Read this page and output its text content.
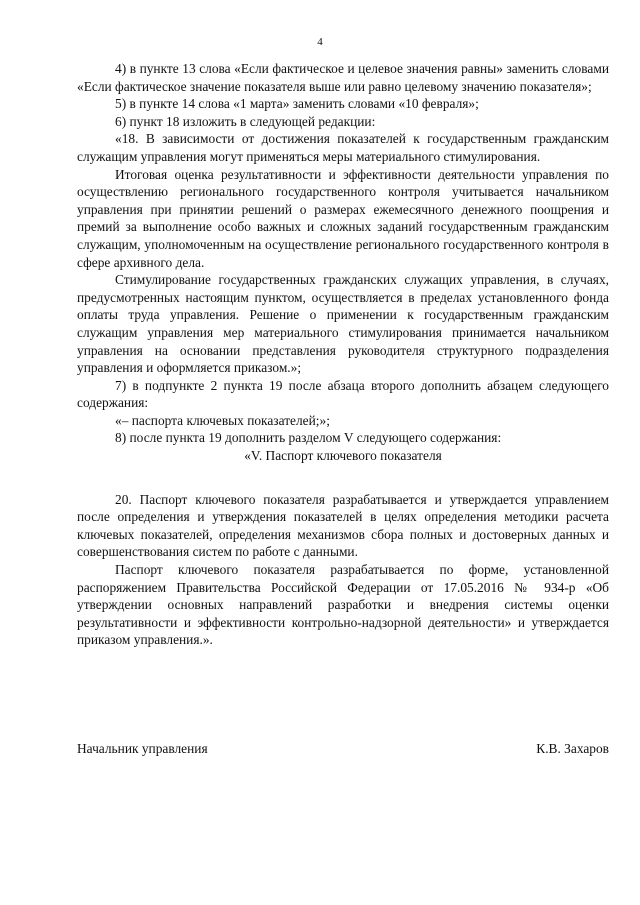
4

4) в пункте 13 слова «Если фактическое и целевое значения равны» заменить словами «Если фактическое значение показателя выше или равно целевому значению показателя»;

5) в пункте 14 слова «1 марта» заменить словами «10 февраля»;

6) пункт 18 изложить в следующей редакции:

«18. В зависимости от достижения показателей к государственным гражданским служащим управления могут применяться меры материального стимулирования.

Итоговая оценка результативности и эффективности деятельности управления по осуществлению регионального государственного контроля учитывается начальником управления при принятии решений о размерах ежемесячного денежного поощрения и премий за выполнение особо важных и сложных заданий государственным гражданским служащим, уполномоченным на осуществление регионального государственного контроля в сфере архивного дела.

Стимулирование государственных гражданских служащих управления, в случаях, предусмотренных настоящим пунктом, осуществляется в пределах установленного фонда оплаты труда управления. Решение о применении к государственным гражданским служащим управления мер материального стимулирования принимается начальником управления на основании представления руководителя структурного подразделения управления и оформляется приказом.»;

7) в подпункте 2 пункта 19 после абзаца второго дополнить абзацем следующего содержания:

«– паспорта ключевых показателей;»;

8) после пункта 19 дополнить разделом V следующего содержания:

«V. Паспорт ключевого показателя

20. Паспорт ключевого показателя разрабатывается и утверждается управлением после определения и утверждения показателей в целях определения методики расчета ключевых показателей, определения механизмов сбора полных и достоверных данных и совершенствования систем по работе с данными.

Паспорт ключевого показателя разрабатывается по форме, установленной распоряжением Правительства Российской Федерации от 17.05.2016 № 934-р «Об утверждении основных направлений разработки и внедрения системы оценки результативности и эффективности контрольно-надзорной деятельности» и утверждается приказом управления.».

Начальник управления	К.В. Захаров
